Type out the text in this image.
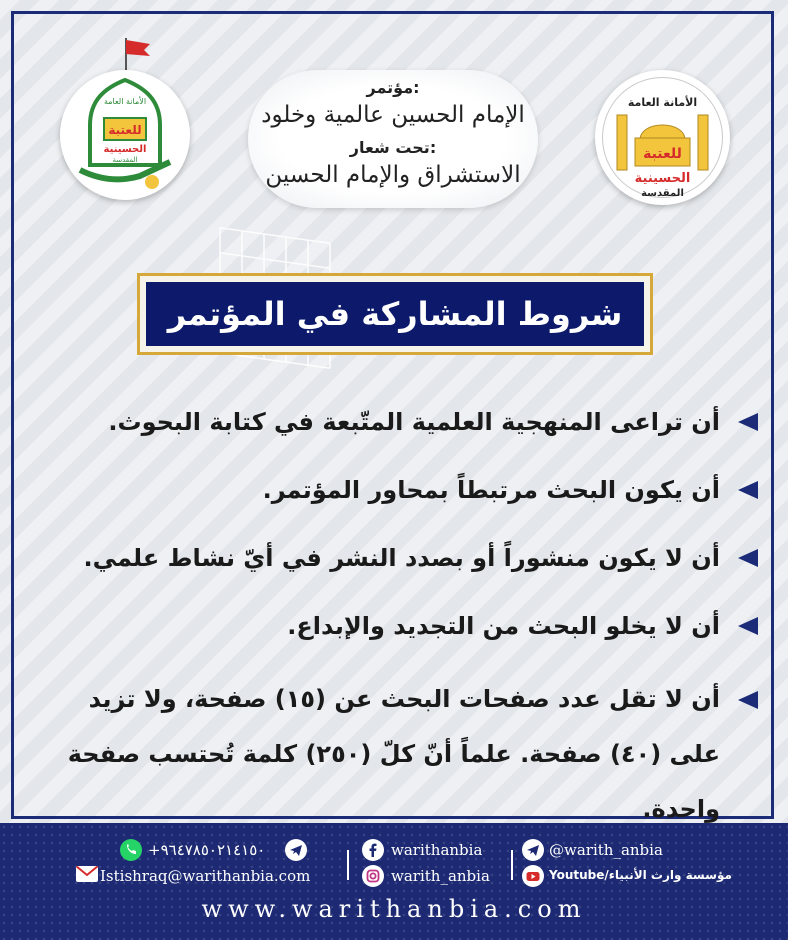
للعتبة
الحسينية
الأمانة العامة
المقدسة
مؤتمر:
الإمام الحسين عالمية وخلود
تحت شعار:
الاستشراق والإمام الحسين
للعتبة
الحسينية
الأمانة العامة
المقدسة
شروط المشاركة في المؤتمر
أن تراعى المنهجية العلمية المتّبعة في كتابة البحوث.
أن يكون البحث مرتبطاً بمحاور المؤتمر.
أن لا يكون منشوراً أو بصدد النشر في أيّ نشاط علمي.
أن لا يخلو البحث من التجديد والإبداع.
أن لا تقل عدد صفحات البحث عن (١٥) صفحة، ولا تزيد على (٤٠) صفحة. علماً أنّ كلّ (٢٥٠) كلمة تُحتسب صفحة واحدة.
+٩٦٤٧٨٥٠٢١٤١٥٠
Istishraq@warithanbia.com
warithanbia
warith_anbia
@warith_anbia
Youtube/مؤسسة وارث الأنبياء
www.warithanbia.com
